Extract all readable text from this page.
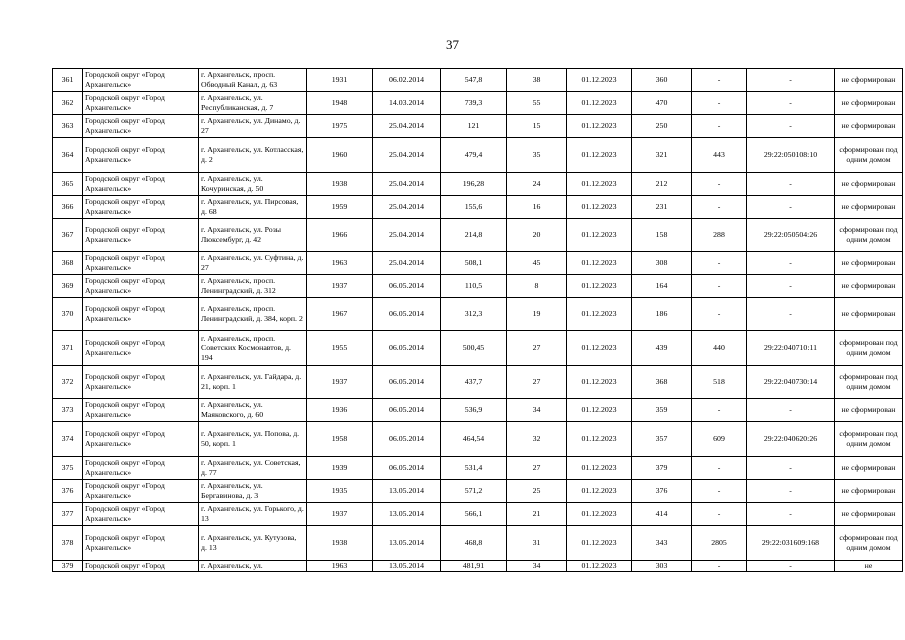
37
361	Городской округ «Город Архангельск»	г. Архангельск, просп. Обводный Канал, д. 63	1931	06.02.2014	547,8	38	01.12.2023	360	-	-	не сформирован
362	Городской округ «Город Архангельск»	г. Архангельск, ул. Республиканская, д. 7	1948	14.03.2014	739,3	55	01.12.2023	470	-	-	не сформирован
363	Городской округ «Город Архангельск»	г. Архангельск, ул. Динамо, д. 27	1975	25.04.2014	121	15	01.12.2023	250	-	-	не сформирован
364	Городской округ «Город Архангельск»	г. Архангельск, ул. Котласская, д. 2	1960	25.04.2014	479,4	35	01.12.2023	321	443	29:22:050108:10	сформирован под одним домом
365	Городской округ «Город Архангельск»	г. Архангельск, ул. Кочуринская, д. 50	1938	25.04.2014	196,28	24	01.12.2023	212	-	-	не сформирован
366	Городской округ «Город Архангельск»	г. Архангельск, ул. Пирсовая, д. 68	1959	25.04.2014	155,6	16	01.12.2023	231	-	-	не сформирован
367	Городской округ «Город Архангельск»	г. Архангельск, ул. Розы Люксембург, д. 42	1966	25.04.2014	214,8	20	01.12.2023	158	288	29:22:050504:26	сформирован под одним домом
368	Городской округ «Город Архангельск»	г. Архангельск, ул. Суфтина, д. 27	1963	25.04.2014	508,1	45	01.12.2023	308	-	-	не сформирован
369	Городской округ «Город Архангельск»	г. Архангельск, просп. Ленинградский, д. 312	1937	06.05.2014	110,5	8	01.12.2023	164	-	-	не сформирован
370	Городской округ «Город Архангельск»	г. Архангельск, просп. Ленинградский, д. 384, корп. 2	1967	06.05.2014	312,3	19	01.12.2023	186	-	-	не сформирован
371	Городской округ «Город Архангельск»	г. Архангельск, просп. Советских Космонавтов, д. 194	1955	06.05.2014	500,45	27	01.12.2023	439	440	29:22:040710:11	сформирован под одним домом
372	Городской округ «Город Архангельск»	г. Архангельск, ул. Гайдара, д. 21, корп. 1	1937	06.05.2014	437,7	27	01.12.2023	368	518	29:22:040730:14	сформирован под одним домом
373	Городской округ «Город Архангельск»	г. Архангельск, ул. Маяковского, д. 60	1936	06.05.2014	536,9	34	01.12.2023	359	-	-	не сформирован
374	Городской округ «Город Архангельск»	г. Архангельск, ул. Попова, д. 50, корп. 1	1958	06.05.2014	464,54	32	01.12.2023	357	609	29:22:040620:26	сформирован под одним домом
375	Городской округ «Город Архангельск»	г. Архангельск, ул. Советская, д. 77	1939	06.05.2014	531,4	27	01.12.2023	379	-	-	не сформирован
376	Городской округ «Город Архангельск»	г. Архангельск, ул. Бергавинова, д. 3	1935	13.05.2014	571,2	25	01.12.2023	376	-	-	не сформирован
377	Городской округ «Город Архангельск»	г. Архангельск, ул. Горького, д. 13	1937	13.05.2014	566,1	21	01.12.2023	414	-	-	не сформирован
378	Городской округ «Город Архангельск»	г. Архангельск, ул. Кутузова, д. 13	1938	13.05.2014	468,8	31	01.12.2023	343	2805	29:22:031609:168	сформирован под одним домом
379	Городской округ «Город	г. Архангельск, ул.	1963	13.05.2014	481,91	34	01.12.2023	303	-	-	не
